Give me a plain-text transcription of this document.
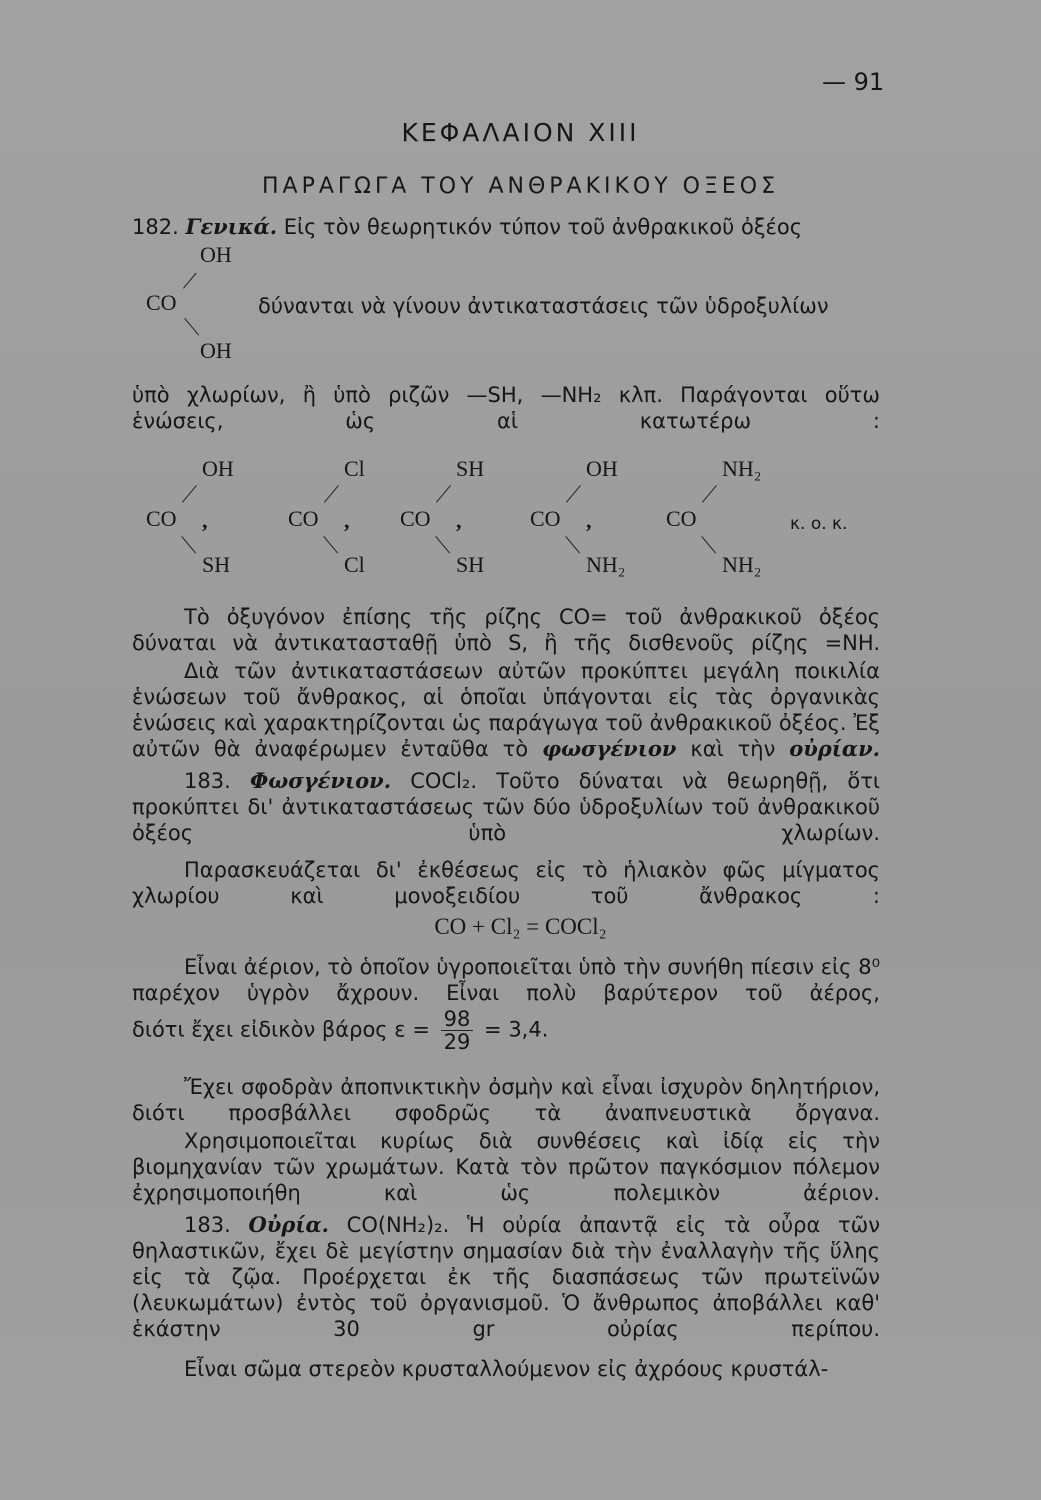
— 91
ΚΕΦΑΛΑΙΟΝ XIII
ΠΑΡΑΓΩΓΑ ΤΟΥ ΑΝΘΡΑΚΙΚΟΥ ΟΞΕΟΣ
182. Γενικά. Εἰς τὸν θεωρητικόν τύπον τοῦ ἀνθρακικοῦ ὀξέος
OH
CO	δύνανται νὰ γίνουν ἀντικαταστάσεις τῶν ὑδροξυλίων
OH
ὑπὸ χλωρίων, ἢ ὑπὸ ριζῶν —SH, —NH₂ κλπ. Παράγονται οὕτω ἑνώσεις, ὡς αἱ κατωτέρω :
κ. ο. κ.
Τὸ ὀξυγόνον ἐπίσης τῆς ρίζης CO= τοῦ ἀνθρακικοῦ ὀξέος δύναται νὰ ἀντικατασταθῇ ὑπὸ S, ἢ τῆς δισθενοῦς ρίζης =NH.
Διὰ τῶν ἀντικαταστάσεων αὐτῶν προκύπτει μεγάλη ποικιλία ἑνώσεων τοῦ ἄνθρακος, αἱ ὁποῖαι ὑπάγονται εἰς τὰς ὀργανικὰς ἑνώσεις καὶ χαρακτηρίζονται ὡς παράγωγα τοῦ ἀνθρακικοῦ ὀξέος. Ἐξ αὐτῶν θὰ ἀναφέρωμεν ἐνταῦθα τὸ φωσγένιον καὶ τὴν οὐρίαν.
183. Φωσγένιον. COCl₂. Τοῦτο δύναται νὰ θεωρηθῇ, ὅτι προκύπτει δι' ἀντικαταστάσεως τῶν δύο ὑδροξυλίων τοῦ ἀνθρακικοῦ ὀξέος ὑπὸ χλωρίων.
Παρασκευάζεται δι' ἐκθέσεως εἰς τὸ ἡλιακὸν φῶς μίγματος χλωρίου καὶ μονοξειδίου τοῦ ἄνθρακος :
CO + Cl₂ = COCl₂
Εἶναι ἀέριον, τὸ ὁποῖον ὑγροποιεῖται ὑπὸ τὴν συνήθη πίεσιν εἰς 8⁰ παρέχον ὑγρὸν ἄχρουν. Εἶναι πολὺ βαρύτερον τοῦ ἀέρος,
διότι ἔχει εἰδικὸν βάρος $\varepsilon = \frac{98}{29} = 3,4$.
Ἔχει σφοδρὰν ἀποπνικτικὴν ὀσμὴν καὶ εἶναι ἰσχυρὸν δηλητήριον, διότι προσβάλλει σφοδρῶς τὰ ἀναπνευστικὰ ὄργανα.
Χρησιμοποιεῖται κυρίως διὰ συνθέσεις καὶ ἰδίᾳ εἰς τὴν βιομηχανίαν τῶν χρωμάτων. Κατὰ τὸν πρῶτον παγκόσμιον πόλεμον ἐχρησιμοποιήθη καὶ ὡς πολεμικὸν ἀέριον.
183. Οὐρία. CO(NH₂)₂. Ἡ οὐρία ἀπαντᾷ εἰς τὰ οὖρα τῶν θηλαστικῶν, ἔχει δὲ μεγίστην σημασίαν διὰ τὴν ἐναλλαγὴν τῆς ὕλης εἰς τὰ ζῷα. Προέρχεται ἐκ τῆς διασπάσεως τῶν πρωτεϊνῶν (λευκωμάτων) ἐντὸς τοῦ ὀργανισμοῦ. Ὁ ἄνθρωπος ἀποβάλλει καθ' ἑκάστην 30 gr οὐρίας περίπου.
Εἶναι σῶμα στερεὸν κρυσταλλούμενον εἰς ἀχρόους κρυστάλ-
OH
CO ,
SH
Cl
CO ,
Cl
SH
CO ,
SH
OH
CO ,
NH₂
NH₂
CO
NH₂
